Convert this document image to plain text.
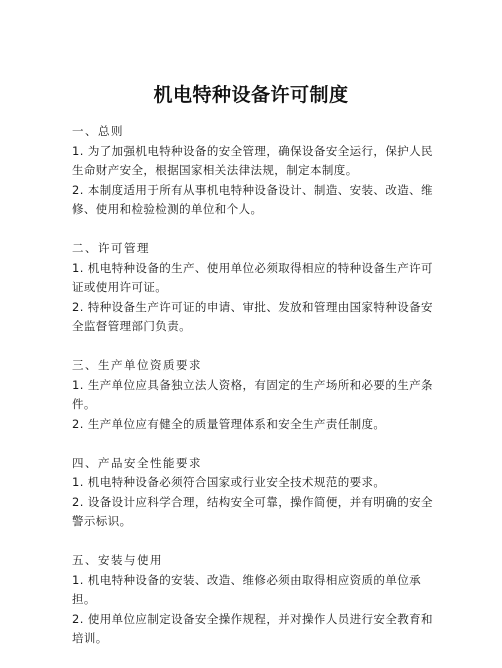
机电特种设备许可制度
一、总则
1. 为了加强机电特种设备的安全管理，确保设备安全运行，保护人民生命财产安全，根据国家相关法律法规，制定本制度。
2. 本制度适用于所有从事机电特种设备设计、制造、安装、改造、维修、使用和检验检测的单位和个人。
二、许可管理
1. 机电特种设备的生产、使用单位必须取得相应的特种设备生产许可证或使用许可证。
2. 特种设备生产许可证的申请、审批、发放和管理由国家特种设备安全监督管理部门负责。
三、生产单位资质要求
1. 生产单位应具备独立法人资格，有固定的生产场所和必要的生产条件。
2. 生产单位应有健全的质量管理体系和安全生产责任制度。
四、产品安全性能要求
1. 机电特种设备必须符合国家或行业安全技术规范的要求。
2. 设备设计应科学合理，结构安全可靠，操作简便，并有明确的安全警示标识。
五、安装与使用
1. 机电特种设备的安装、改造、维修必须由取得相应资质的单位承担。
2. 使用单位应制定设备安全操作规程，并对操作人员进行安全教育和培训。
